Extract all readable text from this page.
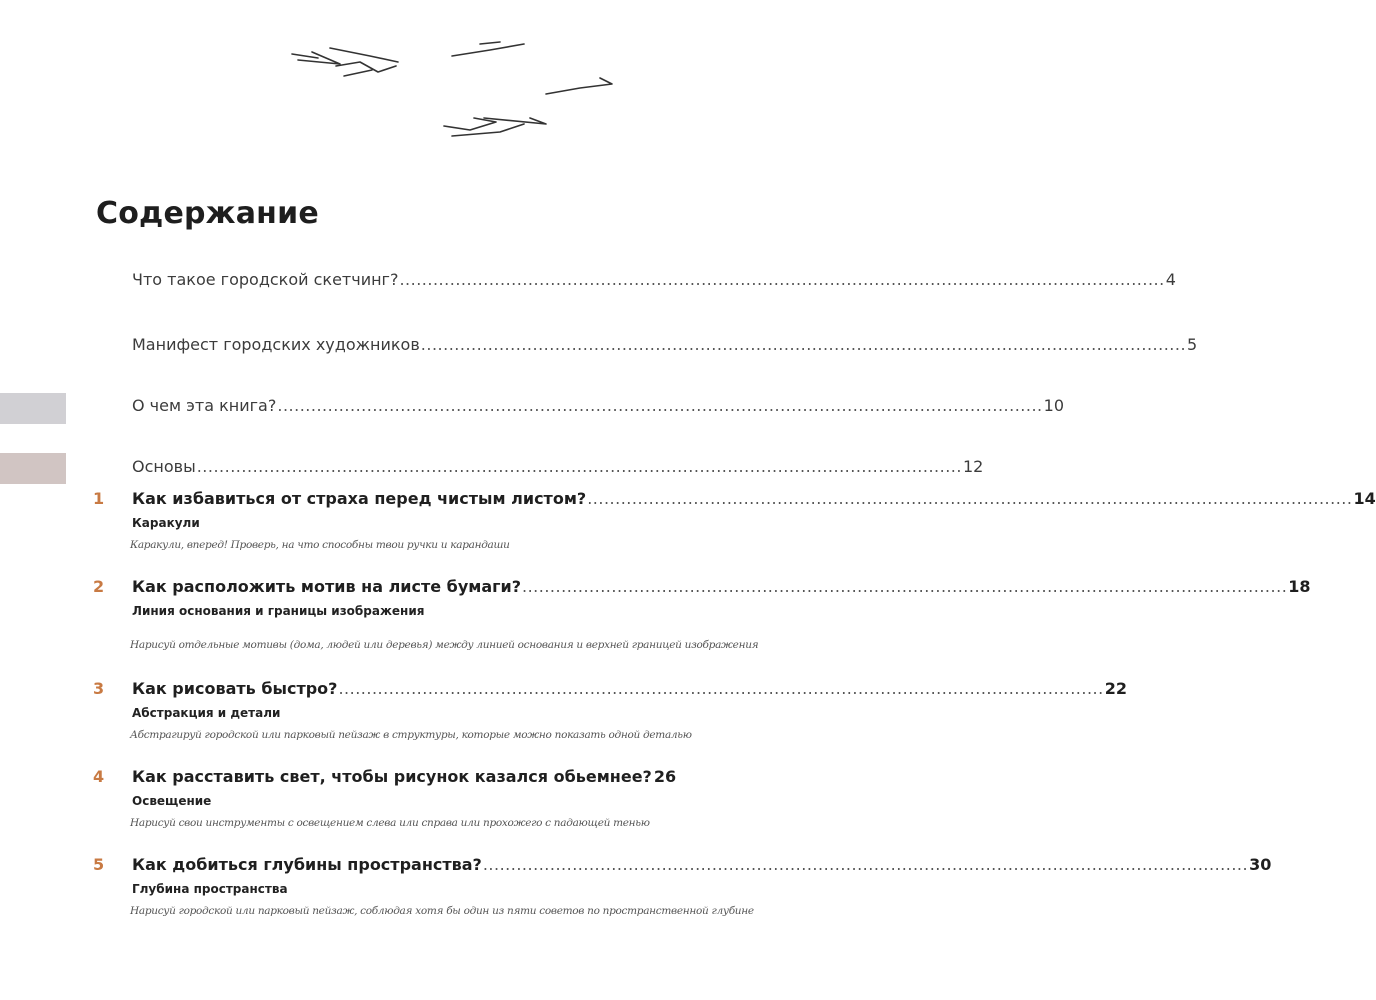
Содержание
Что такое городской скетчинг? ......................................................................................................................................... 4
Манифест городских художников ......................................................................................................................................... 5
О чем эта книга? ......................................................................................................................................... 10
Основы ......................................................................................................................................... 12
1 Как избавиться от страха перед чистым листом? ......................................................................................................................................... 14
Каракули
Каракули, вперед! Проверь, на что способны твои ручки и карандаши
2 Как расположить мотив на листе бумаги? ......................................................................................................................................... 18
Линия основания и границы изображения
Нарисуй отдельные мотивы (дома, людей или деревья) между линией основания и верхней границей изображения
3 Как рисовать быстро? ......................................................................................................................................... 22
Абстракция и детали
Абстрагируй городской или парковый пейзаж в структуры, которые можно показать одной деталью
4 Как расставить свет, чтобы рисунок казался обьемнее? 26
Освещение
Нарисуй свои инструменты с освещением слева или справа или прохожего с падающей тенью
5 Как добиться глубины пространства? ......................................................................................................................................... 30
Глубина пространства
Нарисуй городской или парковый пейзаж, соблюдая хотя бы один из пяти советов по пространственной глубине
